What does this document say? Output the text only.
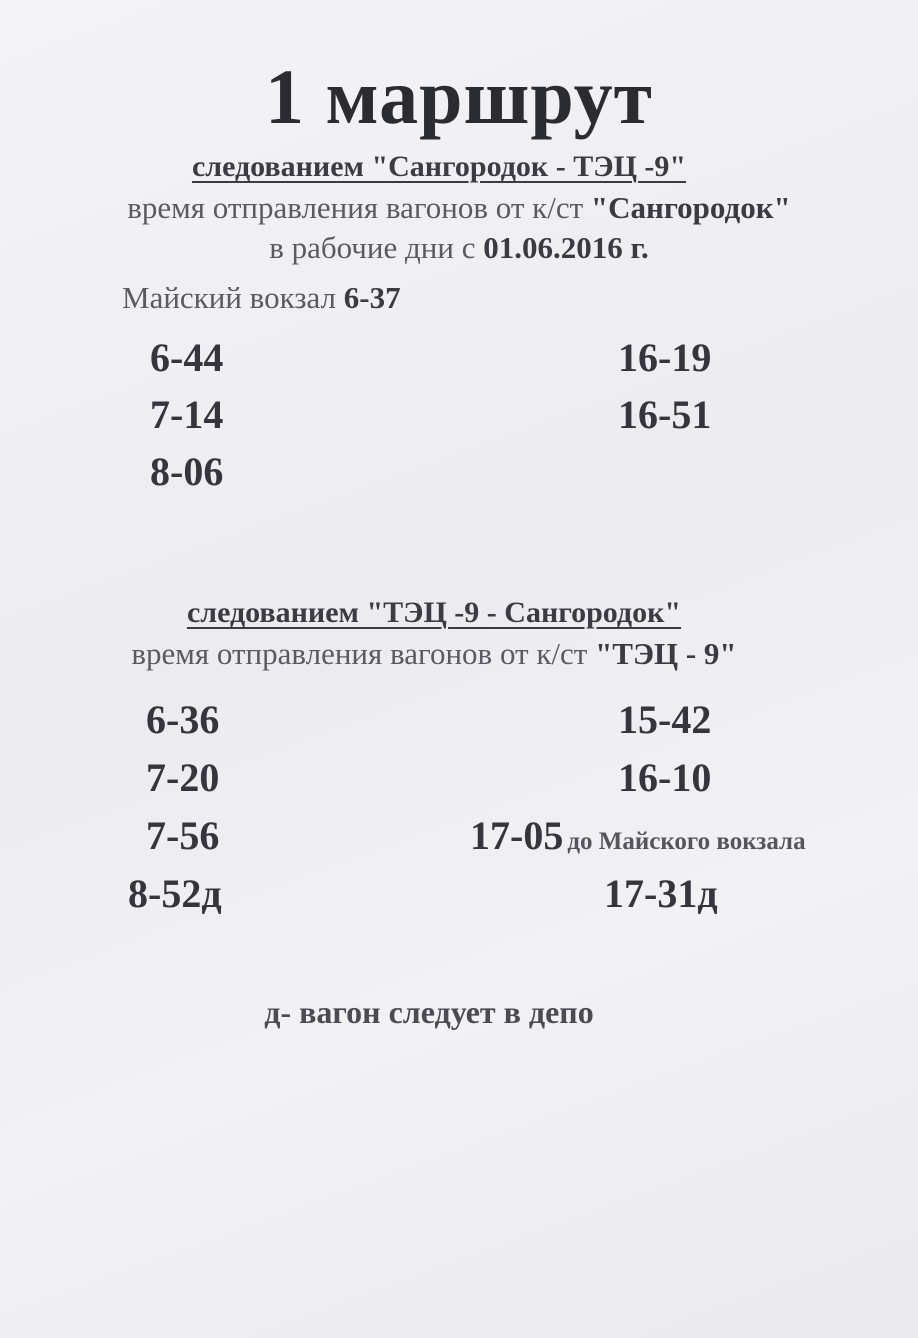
1 маршрут
следованием "Сангородок - ТЭЦ -9"
время отправления вагонов от к/ст "Сангородок"
в рабочие дни с 01.06.2016 г.
Майский вокзал 6-37
6-44
7-14
8-06
16-19
16-51
следованием "ТЭЦ -9 - Сангородок"
время отправления вагонов от к/ст "ТЭЦ - 9"
6-36
7-20
7-56
8-52д
15-42
16-10
17-05 до Майского вокзала
17-31д
д- вагон следует в депо
